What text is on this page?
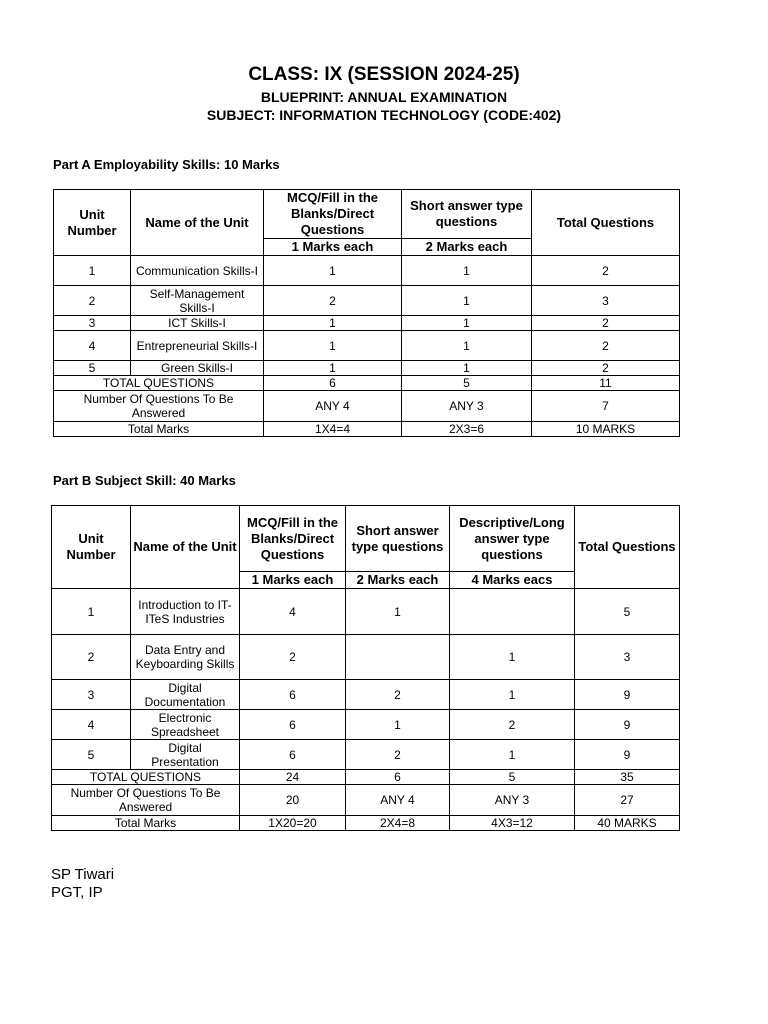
CLASS: IX (SESSION 2024-25)
BLUEPRINT: ANNUAL EXAMINATION
SUBJECT: INFORMATION TECHNOLOGY (CODE:402)
Part A Employability Skills: 10 Marks
Unit Number	Name of the Unit	MCQ/Fill in the Blanks/Direct Questions	Short answer type questions	Total Questions
		1 Marks each	2 Marks each	
1	Communication Skills-I	1	1	2
2	Self-Management Skills-I	2	1	3
3	ICT Skills-I	1	1	2
4	Entrepreneurial Skills-I	1	1	2
5	Green Skills-I	1	1	2
TOTAL QUESTIONS		6	5	11
Number Of Questions To Be Answered		ANY 4	ANY 3	7
Total Marks		1X4=4	2X3=6	10 MARKS
Part B Subject Skill: 40 Marks
Unit Number	Name of the Unit	MCQ/Fill in the Blanks/Direct Questions	Short answer type questions	Descriptive/Long answer type questions	Total Questions
		1 Marks each	2 Marks each	4 Marks eacs	
1	Introduction to IT-ITeS Industries	4	1		5
2	Data Entry and Keyboarding Skills	2		1	3
3	Digital Documentation	6	2	1	9
4	Electronic Spreadsheet	6	1	2	9
5	Digital Presentation	6	2	1	9
TOTAL QUESTIONS		24	6	5	35
Number Of Questions To Be Answered		20	ANY 4	ANY 3	27
Total Marks		1X20=20	2X4=8	4X3=12	40 MARKS
SP Tiwari
PGT, IP
